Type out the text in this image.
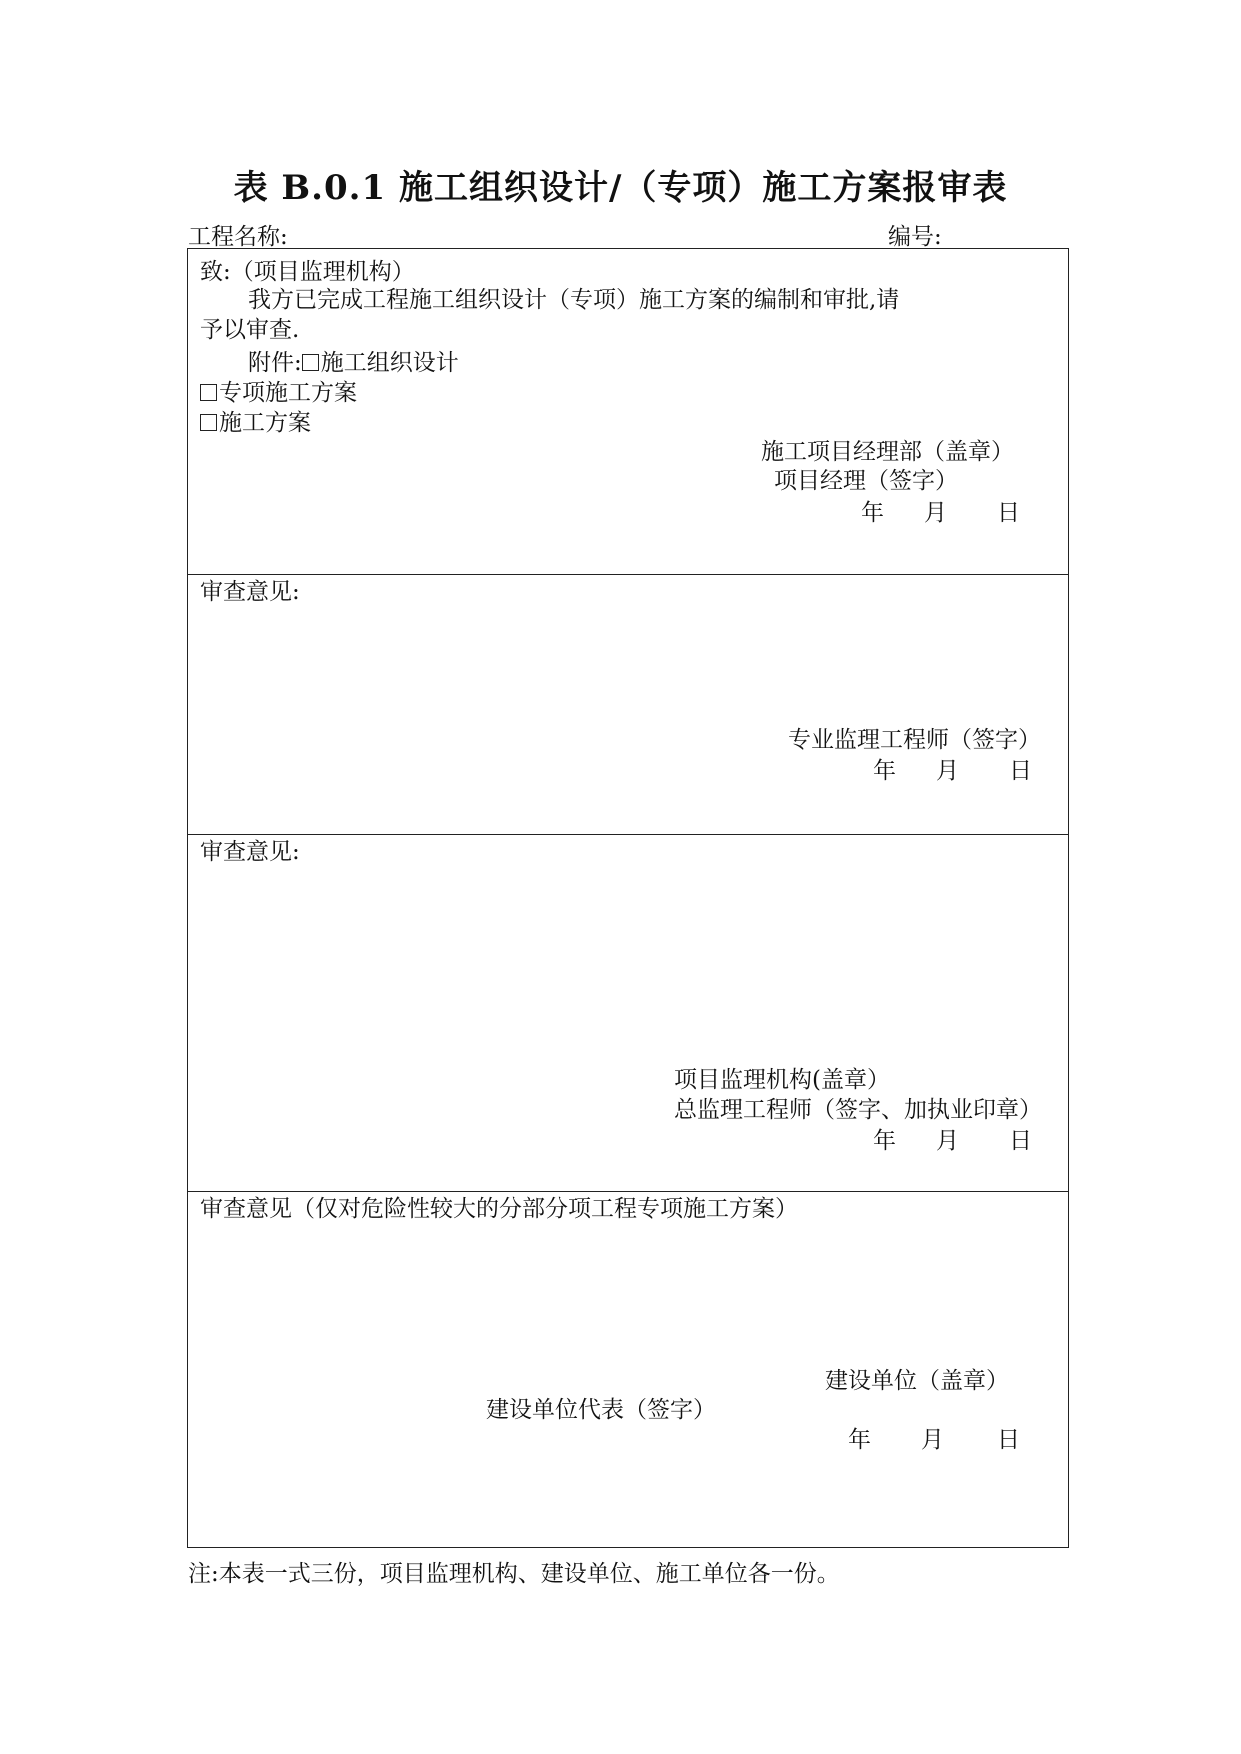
表 B.0.1 施工组织设计/（专项）施工方案报审表
工程名称:	编号:
致:（项目监理机构）
我方已完成工程施工组织设计（专项）施工方案的编制和审批,请
予以审查.
附件: 施工组织设计
专项施工方案
施工方案
施工项目经理部（盖章）
项目经理（签字）
年 月 日
审查意见:
专业监理工程师（签字）
年 月 日
审查意见:
项目监理机构(盖章）
总监理工程师（签字、加执业印章）
年 月 日
审查意见（仅对危险性较大的分部分项工程专项施工方案）
建设单位（盖章）
建设单位代表（签字）
年 月 日
注:本表一式三份，项目监理机构、建设单位、施工单位各一份。
